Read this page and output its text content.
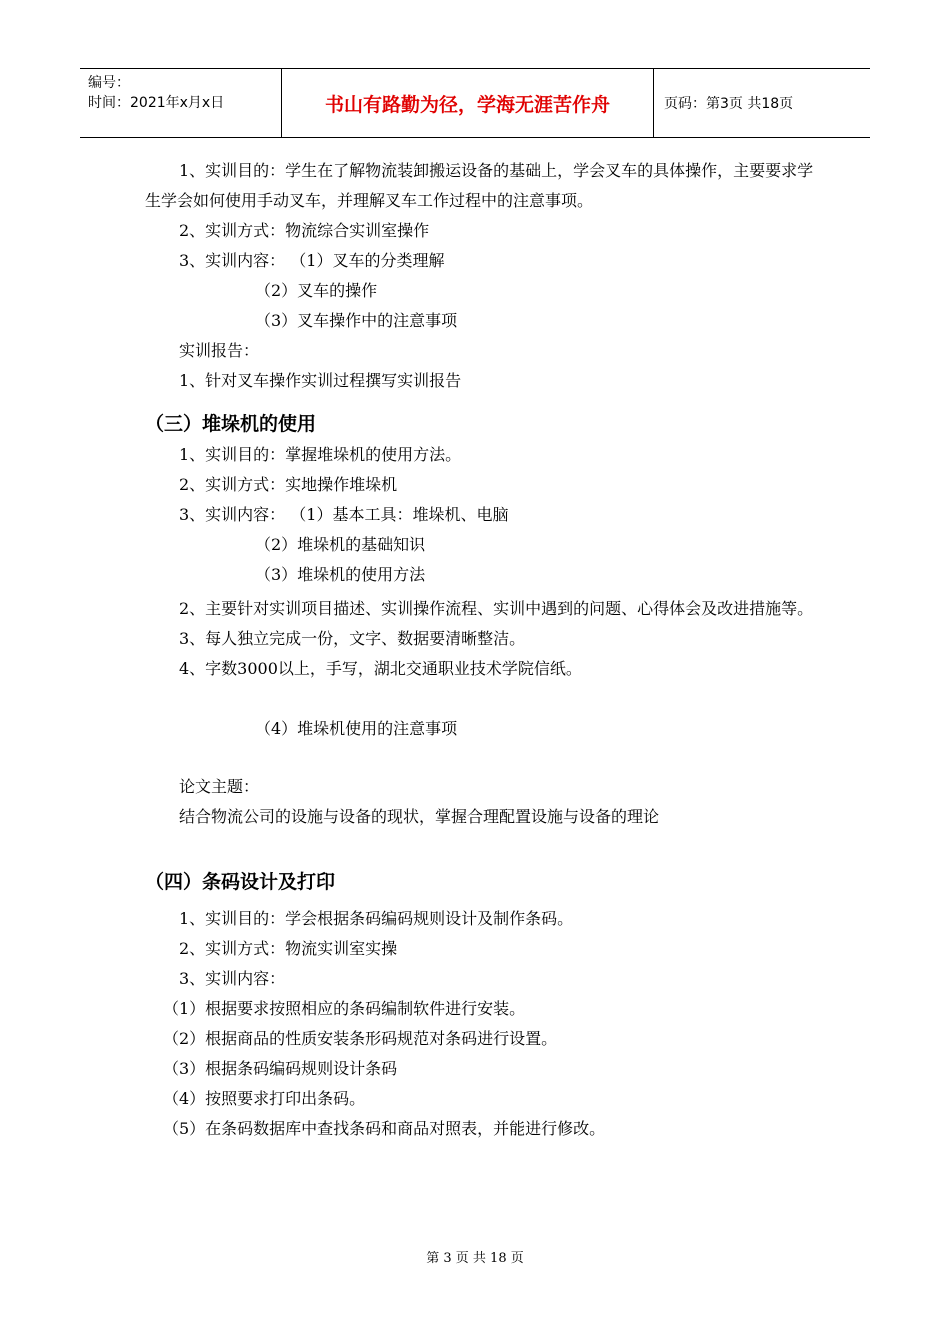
编号：
时间：2021年x月x日	书山有路勤为径，学海无涯苦作舟	页码：第3页 共18页

1、实训目的：学生在了解物流装卸搬运设备的基础上，学会叉车的具体操作，主要要求学生学会如何使用手动叉车，并理解叉车工作过程中的注意事项。

2、实训方式：物流综合实训室操作

3、实训内容： （1）叉车的分类理解

（2）叉车的操作

（3）叉车操作中的注意事项

实训报告：

1、针对叉车操作实训过程撰写实训报告

（三）堆垛机的使用

1、实训目的：掌握堆垛机的使用方法。

2、实训方式：实地操作堆垛机

3、实训内容： （1）基本工具：堆垛机、电脑

（2）堆垛机的基础知识

（3）堆垛机的使用方法

2、主要针对实训项目描述、实训操作流程、实训中遇到的问题、心得体会及改进措施等。

3、每人独立完成一份，文字、数据要清晰整洁。

4、字数3000以上，手写，湖北交通职业技术学院信纸。

（4）堆垛机使用的注意事项

论文主题：

结合物流公司的设施与设备的现状，掌握合理配置设施与设备的理论

（四）条码设计及打印

1、实训目的：学会根据条码编码规则设计及制作条码。

2、实训方式：物流实训室实操

3、实训内容：

（1）根据要求按照相应的条码编制软件进行安装。

（2）根据商品的性质安装条形码规范对条码进行设置。

（3）根据条码编码规则设计条码

（4）按照要求打印出条码。

（5）在条码数据库中查找条码和商品对照表，并能进行修改。

第 3 页 共 18 页
